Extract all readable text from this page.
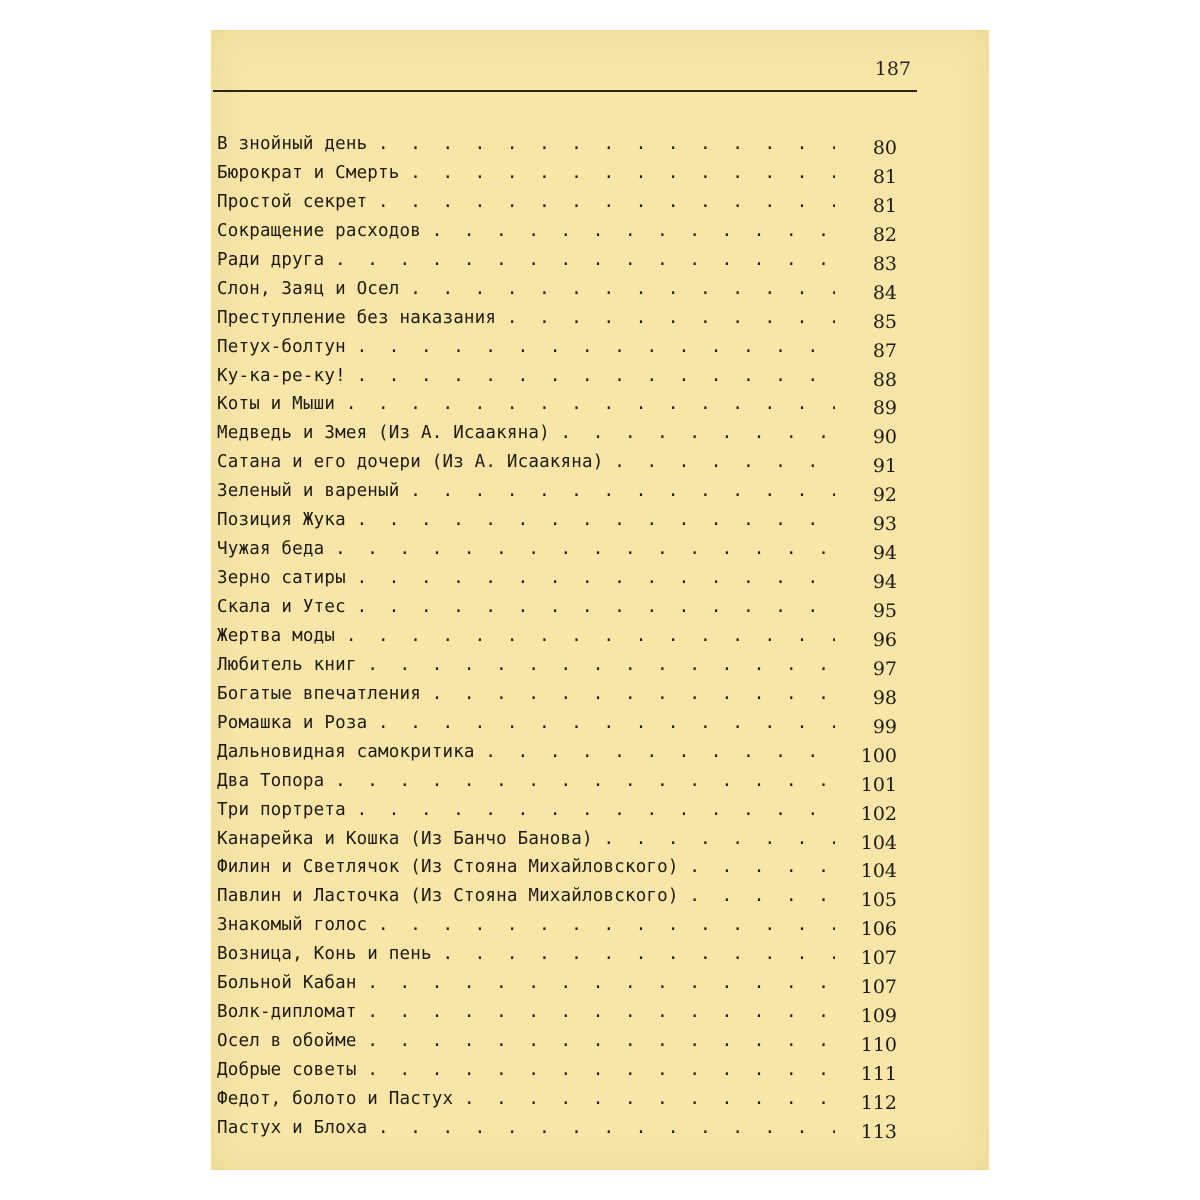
187
В знойный день . .	80
Бюрократ и Смерть . .	81
Простой секрет . .	81
Сокращение расходов . .	82
Ради друга . .	83
Слон, Заяц и Осел . .	84
Преступление без наказания . .	85
Петух-болтун . .	87
Ку-ка-ре-ку! . .	88
Коты и Мыши . .	89
Медведь и Змея (Из А. Исаакяна) . .	90
Сатана и его дочери (Из А. Исаакяна) . .	91
Зеленый и вареный . .	92
Позиция Жука . .	93
Чужая беда . .	94
Зерно сатиры . .	94
Скала и Утес . .	95
Жертва моды . .	96
Любитель книг . .	97
Богатые впечатления . .	98
Ромашка и Роза . .	99
Дальновидная самокритика . .	100
Два Топора . .	101
Три портрета . .	102
Канарейка и Кошка (Из Банчо Банова) . .	104
Филин и Светлячок (Из Стояна Михайловского) . .	104
Павлин и Ласточка (Из Стояна Михайловского) . .	105
Знакомый голос . .	106
Возница, Конь и пень . .	107
Больной Кабан . .	107
Волк-дипломат . .	109
Осел в обойме . .	110
Добрые советы . .	111
Федот, болото и Пастух . .	112
Пастух и Блоха . .	113
